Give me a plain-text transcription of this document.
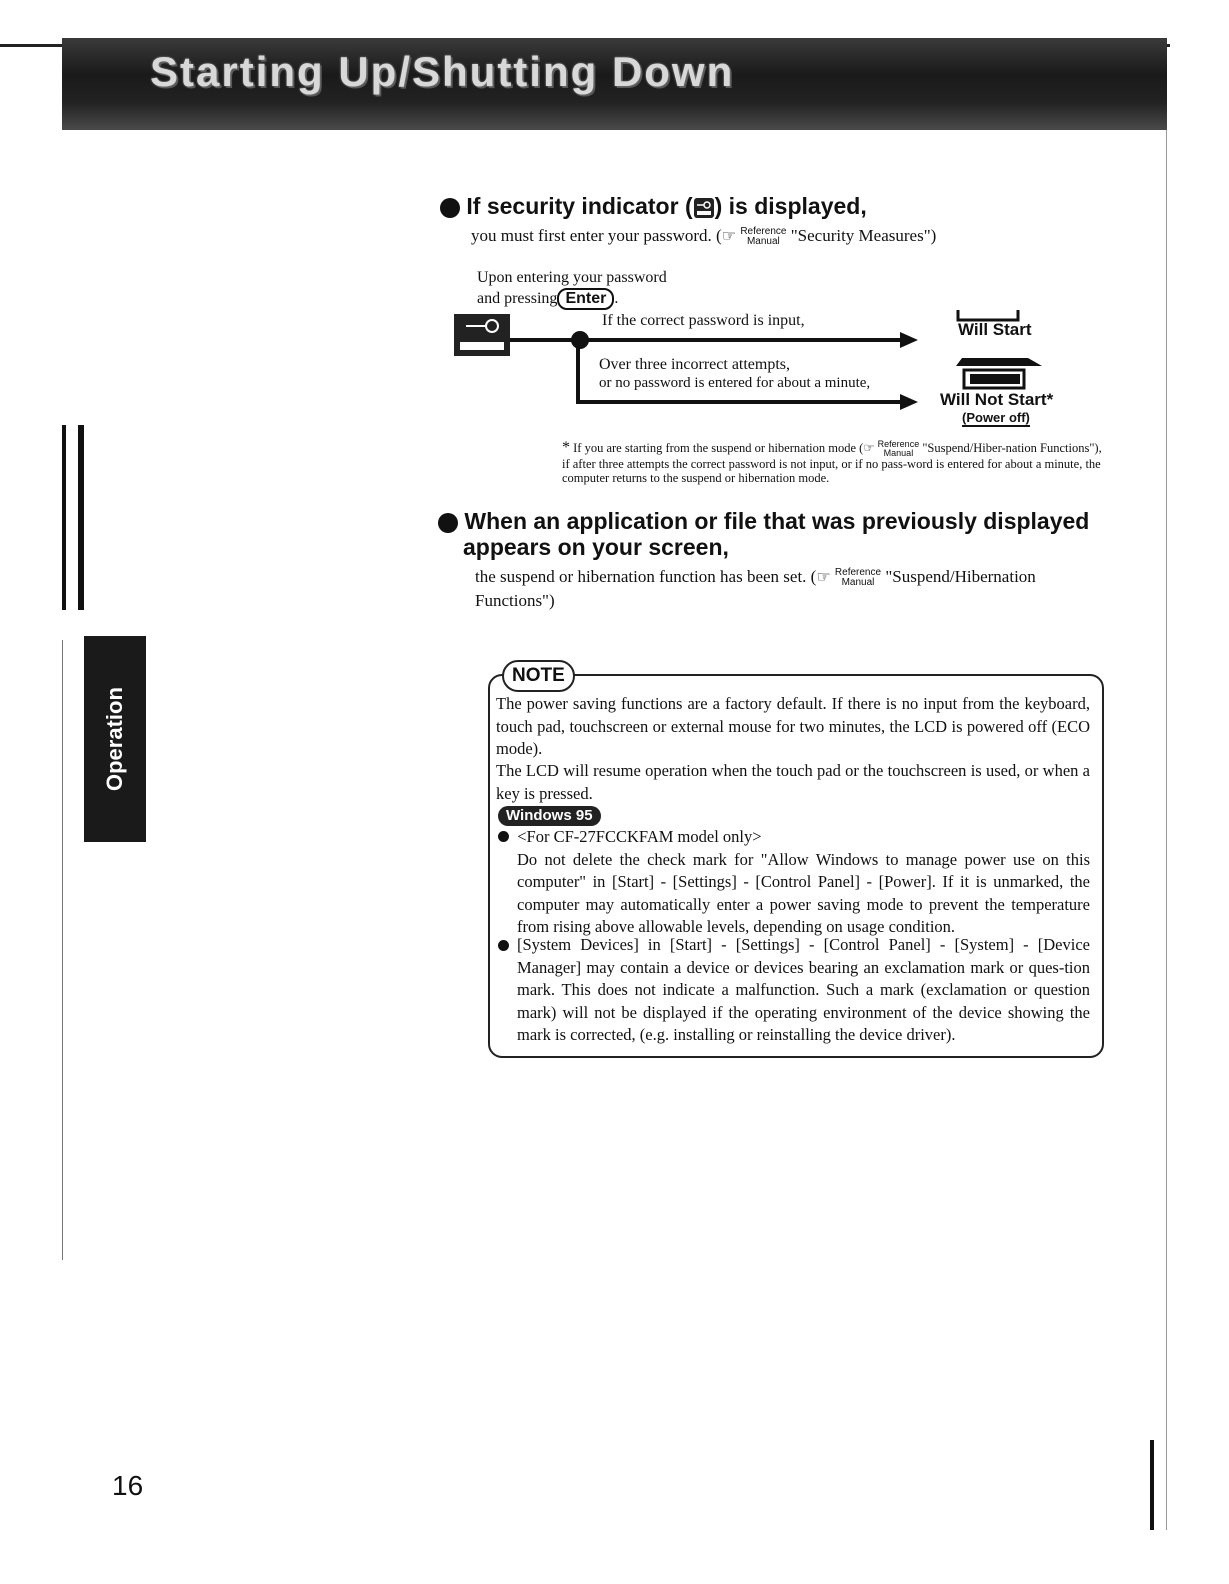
Starting Up/Shutting Down
Operation
If security indicator ( ) is displayed,
you must first enter your password. (☞ Reference
Manual "Security Measures")
Upon entering your password
and pressing Enter .
If the correct password is input,
Over three incorrect attempts,
or no password is entered for about a minute,
Will Start
Will Not Start*
(Power off)
* If you are starting from the suspend or hibernation mode (☞ Reference
Manual "Suspend/Hiber-nation Functions"), if after three attempts the correct password is not input, or if no pass-word is entered for about a minute, the computer returns to the suspend or hibernation mode.
When an application or file that was previously displayed
appears on your screen,
the suspend or hibernation function has been set. (☞ Reference
Manual "Suspend/Hibernation
Functions")
NOTE
The power saving functions are a factory default. If there is no input from the keyboard, touch pad, touchscreen or external mouse for two minutes, the LCD is powered off (ECO mode).
The LCD will resume operation when the touch pad or the touchscreen is used, or when a key is pressed.
Windows 95
<For CF-27FCCKFAM model only>
Do not delete the check mark for "Allow Windows to manage power use on this computer" in [Start] - [Settings] - [Control Panel] - [Power]. If it is unmarked, the computer may automatically enter a power saving mode to prevent the temperature from rising above allowable levels, depending on usage condition.
[System Devices] in [Start] - [Settings] - [Control Panel] - [System] - [Device Manager] may contain a device or devices bearing an exclamation mark or ques-tion mark. This does not indicate a malfunction. Such a mark (exclamation or question mark) will not be displayed if the operating environment of the device showing the mark is corrected, (e.g. installing or reinstalling the device driver).
16
